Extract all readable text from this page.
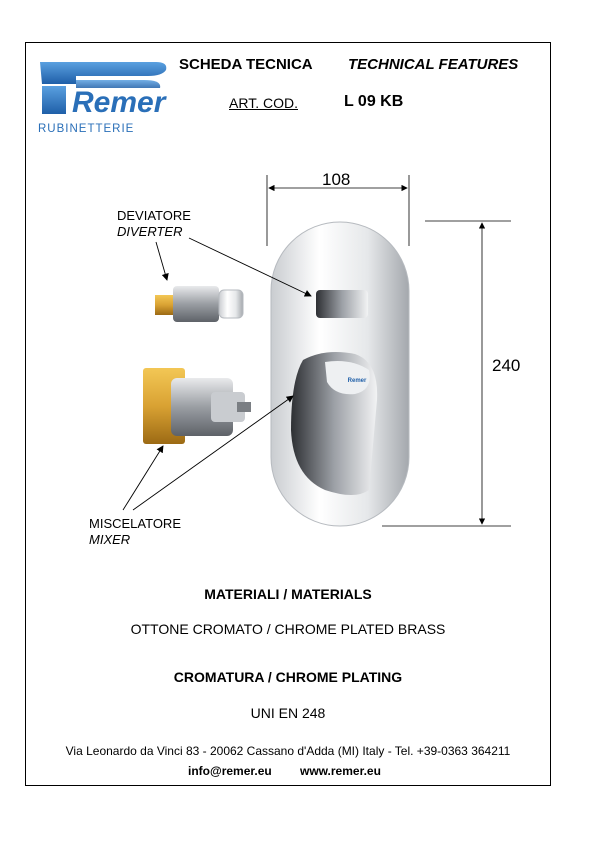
Remer
RUBINETTERIE
SCHEDA TECNICA TECHNICAL FEATURES
ART. COD.	L 09 KB
Remer
108
240
DEVIATORE
DIVERTER
MISCELATORE
MIXER
MATERIALI / MATERIALS
OTTONE CROMATO / CHROME PLATED BRASS
CROMATURA / CHROME PLATING
UNI EN 248
Via Leonardo da Vinci 83 - 20062 Cassano d'Adda (MI) Italy - Tel. +39-0363 364211
info@remer.eu www.remer.eu
